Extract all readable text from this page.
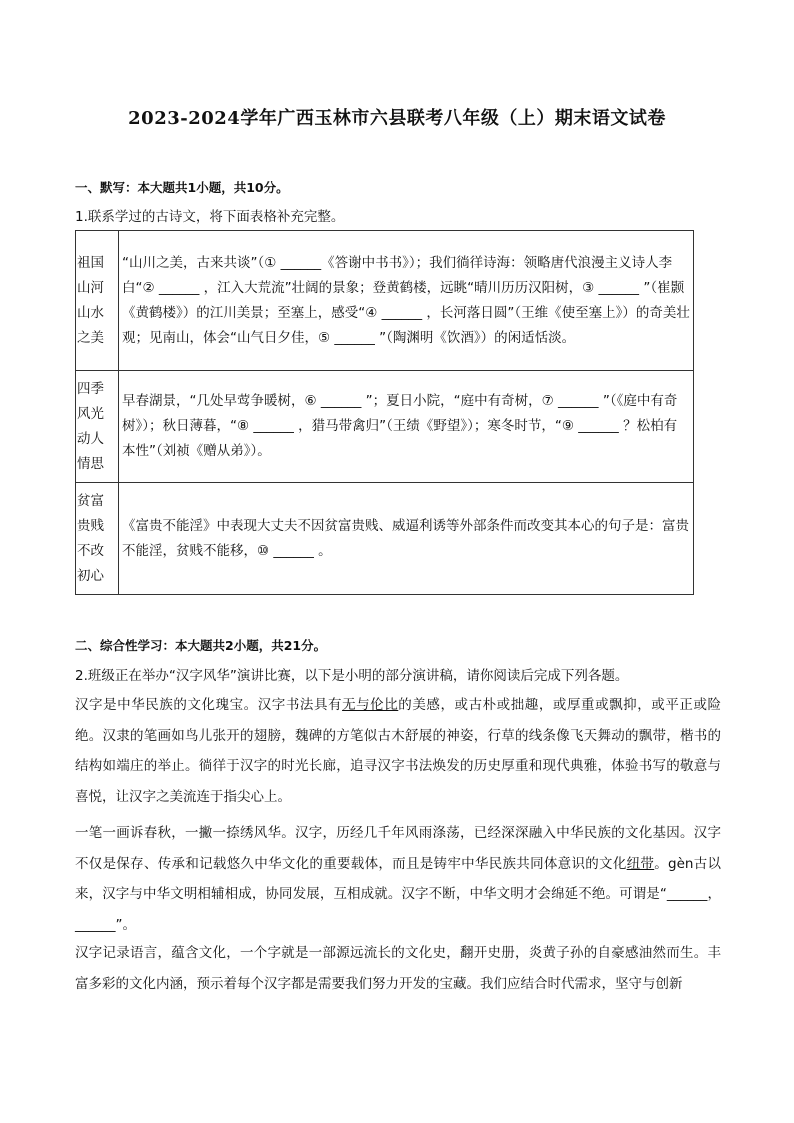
2023-2024学年广西玉林市六县联考八年级（上）期末语文试卷
一、默写：本大题共1小题，共10分。
1.联系学过的古诗文，将下面表格补充完整。
祖国山河山水之美	“山川之美，古来共谈”（① ______《答谢中书书》）；我们徜徉诗海：领略唐代浪漫主义诗人李白“② ______ ，江入大荒流”壮阔的景象；登黄鹤楼，远眺“晴川历历汉阳树，③ ______ ”（崔颢《黄鹤楼》）的江川美景；至塞上，感受“④ ______ ，长河落日圆”（王维《使至塞上》）的奇美壮观；见南山，体会“山气日夕佳，⑤ ______ ”（陶渊明《饮酒》）的闲适恬淡。

四季风光动人情思	早春湖景，“几处早莺争暖树，⑥ ______ ”；夏日小院，“庭中有奇树，⑦ ______ ”（《庭中有奇树》）；秋日薄暮，“⑧ ______ ，猎马带禽归”（王绩《野望》）；寒冬时节，“⑨ ______ ？松柏有本性”（刘祯《赠从弟》）。

贫富贵贱不改初心	《富贵不能淫》中表现大丈夫不因贫富贵贱、威逼利诱等外部条件而改变其本心的句子是：富贵不能淫，贫贱不能移，⑩ ______ 。
二、综合性学习：本大题共2小题，共21分。
2.班级正在举办“汉字风华”演讲比赛，以下是小明的部分演讲稿，请你阅读后完成下列各题。
汉字是中华民族的文化瑰宝。汉字书法具有无与伦比的美感，或古朴或拙趣，或厚重或飘抑，或平正或险绝。汉隶的笔画如鸟儿张开的翅膀，魏碑的方笔似古木舒展的神姿，行草的线条像飞天舞动的飘带，楷书的结构如端庄的举止。徜徉于汉字的时光长廊，追寻汉字书法焕发的历史厚重和现代典雅，体验书写的敬意与喜悦，让汉字之美流连于指尖心上。
一笔一画诉春秋，一撇一捺绣风华。汉字，历经几千年风雨涤荡，已经深深融入中华民族的文化基因。汉字不仅是保存、传承和记载悠久中华文化的重要载体，而且是铸牢中华民族共同体意识的文化纽带。gèn古以来，汉字与中华文明相辅相成，协同发展，互相成就。汉字不断，中华文明才会绵延不绝。可谓是“______，______”。
汉字记录语言，蕴含文化，一个字就是一部源远流长的文化史，翻开史册，炎黄子孙的自豪感油然而生。丰富多彩的文化内涵，预示着每个汉字都是需要我们努力开发的宝藏。我们应结合时代需求，坚守与创新
